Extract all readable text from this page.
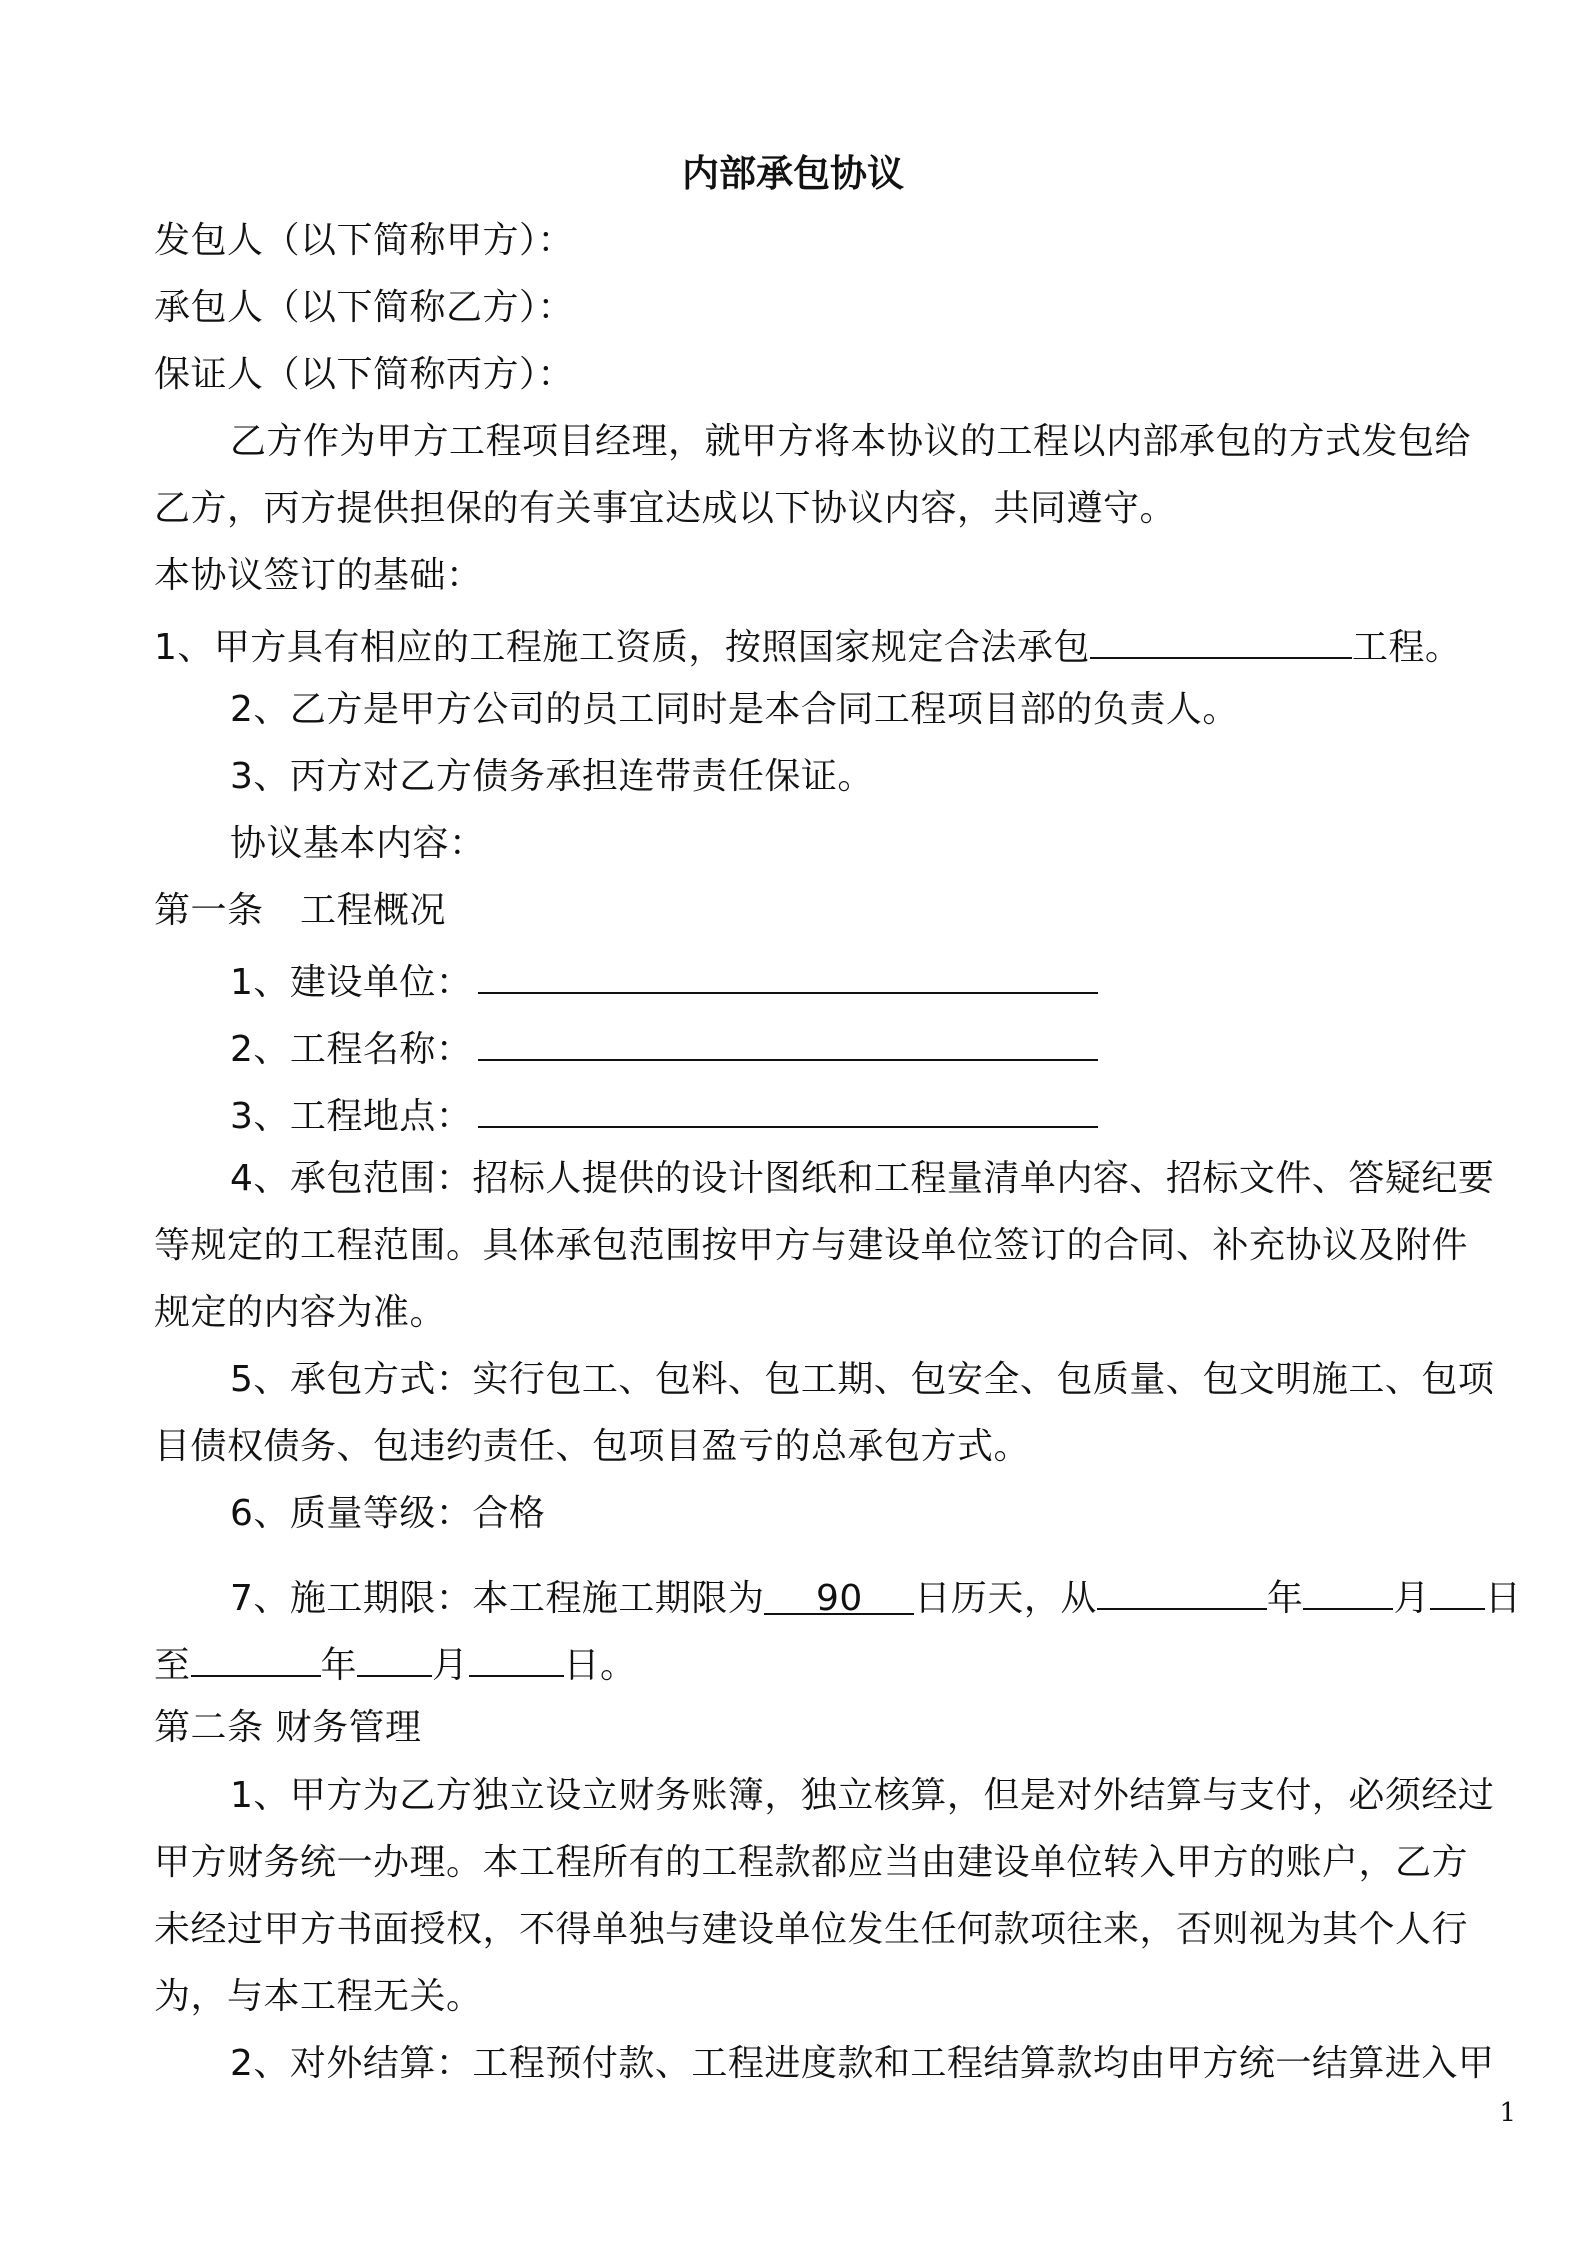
内部承包协议
发包人（以下简称甲方）：
承包人（以下简称乙方）：
保证人（以下简称丙方）：
乙方作为甲方工程项目经理，就甲方将本协议的工程以内部承包的方式发包给
乙方，丙方提供担保的有关事宜达成以下协议内容，共同遵守。
本协议签订的基础：
1、甲方具有相应的工程施工资质，按照国家规定合法承包	工程。
2、乙方是甲方公司的员工同时是本合同工程项目部的负责人。
3、丙方对乙方债务承担连带责任保证。
协议基本内容：
第一条　工程概况
1、建设单位：
2、工程名称：
3、工程地点：
4、承包范围：招标人提供的设计图纸和工程量清单内容、招标文件、答疑纪要
等规定的工程范围。具体承包范围按甲方与建设单位签订的合同、补充协议及附件
规定的内容为准。
5、承包方式：实行包工、包料、包工期、包安全、包质量、包文明施工、包项
目债权债务、包违约责任、包项目盈亏的总承包方式。
6、质量等级：合格
7、施工期限：本工程施工期限为 90 日历天，从	年	月 日
至	年 月	日。
第二条 财务管理
1、甲方为乙方独立设立财务账簿，独立核算，但是对外结算与支付，必须经过
甲方财务统一办理。本工程所有的工程款都应当由建设单位转入甲方的账户，乙方
未经过甲方书面授权，不得单独与建设单位发生任何款项往来，否则视为其个人行
为，与本工程无关。
2、对外结算：工程预付款、工程进度款和工程结算款均由甲方统一结算进入甲
1
